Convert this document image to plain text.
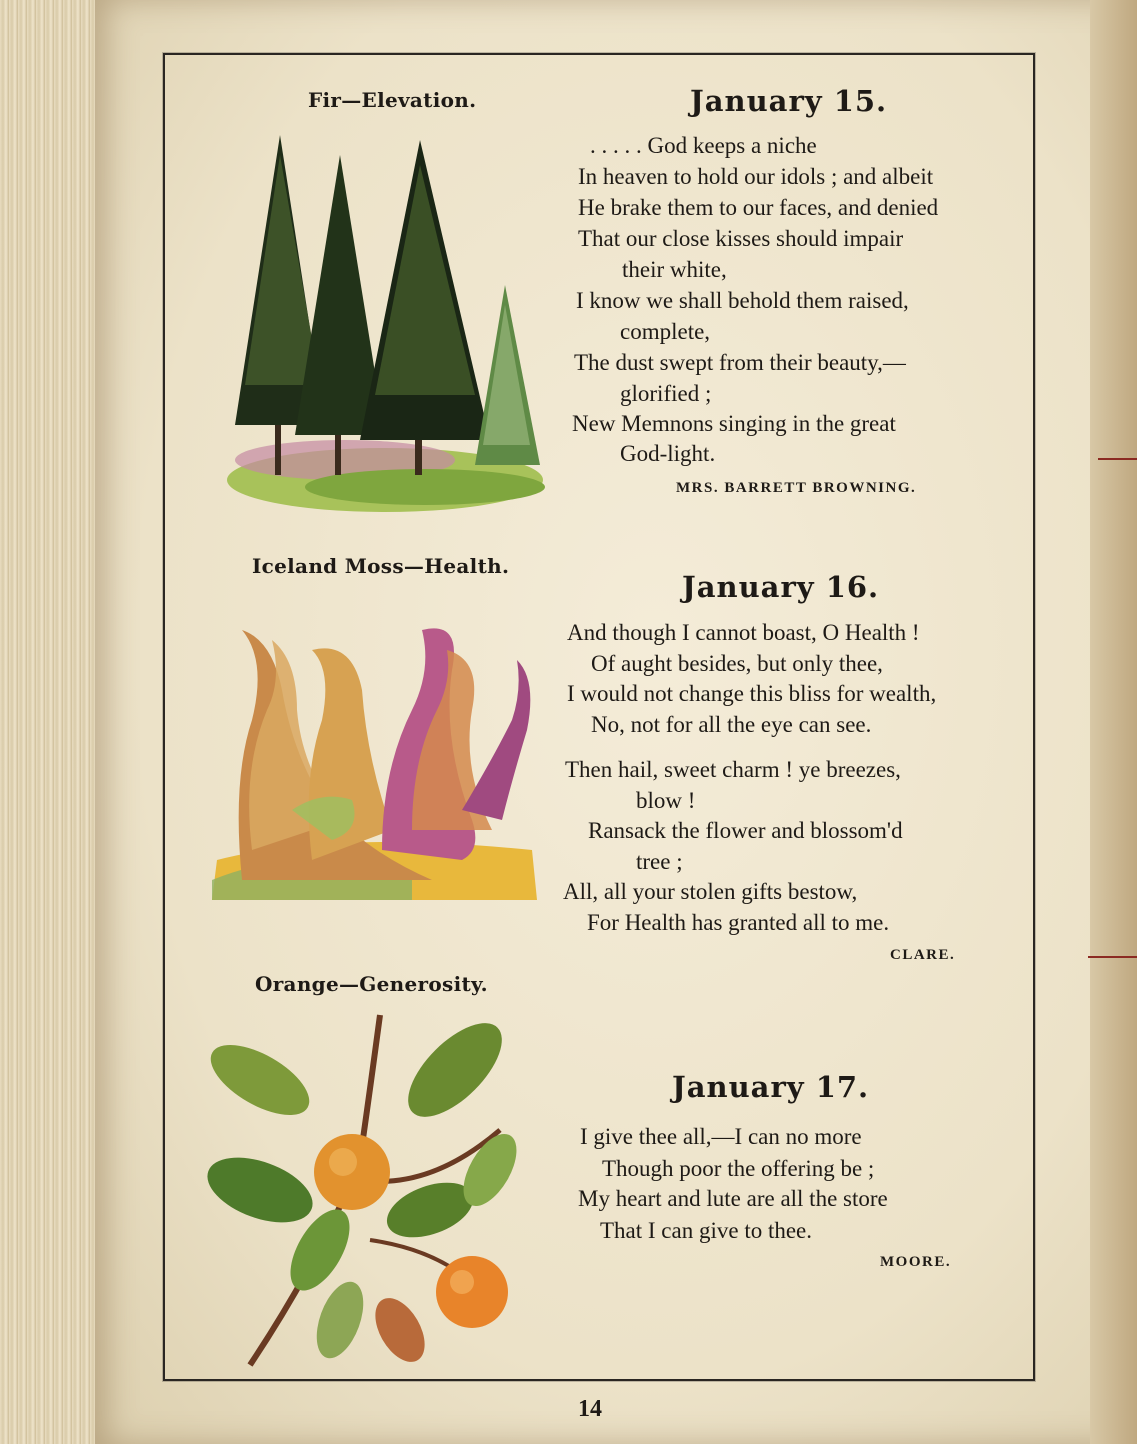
Fir—Elevation.	January 15.
. . . . . God keeps a niche
In heaven to hold our idols ; and albeit
He brake them to our faces, and denied
That our close kisses should impair
their white,
I know we shall behold them raised,
complete,
The dust swept from their beauty,—
glorified ;
New Memnons singing in the great
God-light.
MRS. BARRETT BROWNING.
Iceland Moss—Health.
January 16.
And though I cannot boast, O Health !
Of aught besides, but only thee,
I would not change this bliss for wealth,
No, not for all the eye can see.
Then hail, sweet charm ! ye breezes,
blow !
Ransack the flower and blossom'd
tree ;
All, all your stolen gifts bestow,
For Health has granted all to me.
CLARE.
Orange—Generosity.
January 17.
I give thee all,—I can no more
Though poor the offering be ;
My heart and lute are all the store
That I can give to thee.
MOORE.
14
